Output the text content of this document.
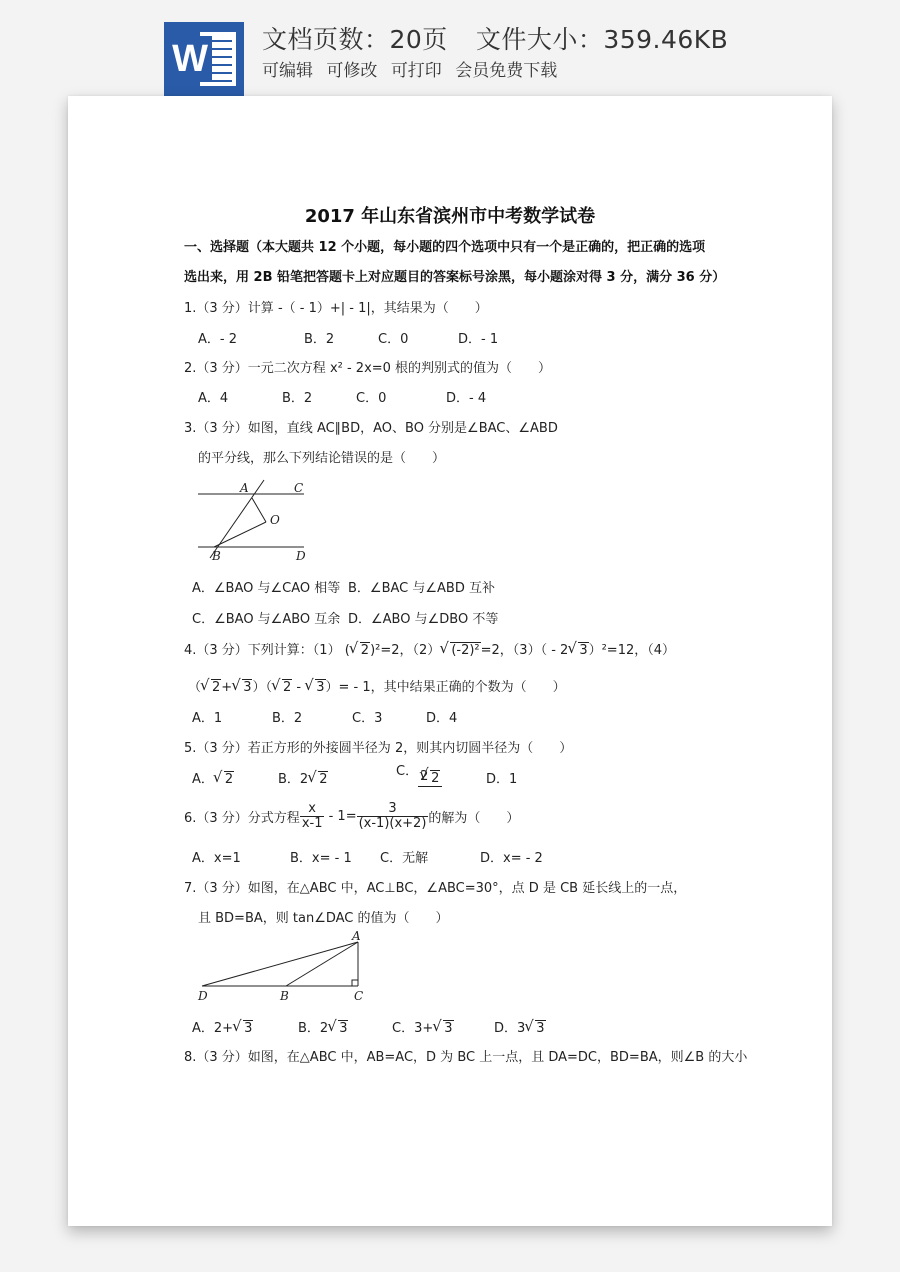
W 文档页数：20页 文件大小：359.46KB
可编辑 可修改 可打印 会员免费下载
2017 年山东省滨州市中考数学试卷
一、选择题（本大题共 12 个小题，每小题的四个选项中只有一个是正确的，把正确的选项
选出来，用 2B 铅笔把答题卡上对应题目的答案标号涂黑，每小题涂对得 3 分，满分 36 分）
1.（3 分）计算 -（ - 1）+| - 1|，其结果为（　　）
A．- 2	B．2	C．0	D．- 1
2.（3 分）一元二次方程 x² - 2x=0 根的判别式的值为（　　）
A．4	B．2	C．0	D．- 4
3.（3 分）如图，直线 AC∥BD，AO、BO 分别是∠BAC、∠ABD
的平分线，那么下列结论错误的是（　　）
A	C
O
B	D
A．∠BAO 与∠CAO 相等 B．∠BAC 与∠ABD 互补
C．∠BAO 与∠ABO 互余 D．∠ABO 与∠DBO 不等
4.（3 分）下列计算：（1） ( √ 2)²=2，（2） √ (-2)²=2，（3）（ - 2 √ 3）²=12，（4）
（ √ 2+ √ 3）（ √ 2 - √ 3）= - 1，其中结果正确的个数为（　　）
A．1	B．2	C．3	D．4
5.（3 分）若正方形的外接圆半径为 2，则其内切圆半径为（　　）
A． √ 2	B．2 √ 2
C．	√ 2
2	D．1
6.（3 分）分式方程 $\frac{x}{x-1} - 1= \frac{3}{(x-1)(x+2)}$ 的解为（　　）
A．x=1	B．x= - 1 C．无解	D．x= - 2
7.（3 分）如图，在△ABC 中，AC⊥BC，∠ABC=30°，点 D 是 CB 延长线上的一点，
且 BD=BA，则 tan∠DAC 的值为（　　）
A
D	B	C
A．2+ √ 3	B．2 √ 3	C．3+ √ 3	D．3 √ 3
8.（3 分）如图，在△ABC 中，AB=AC，D 为 BC 上一点，且 DA=DC，BD=BA，则∠B 的大小
